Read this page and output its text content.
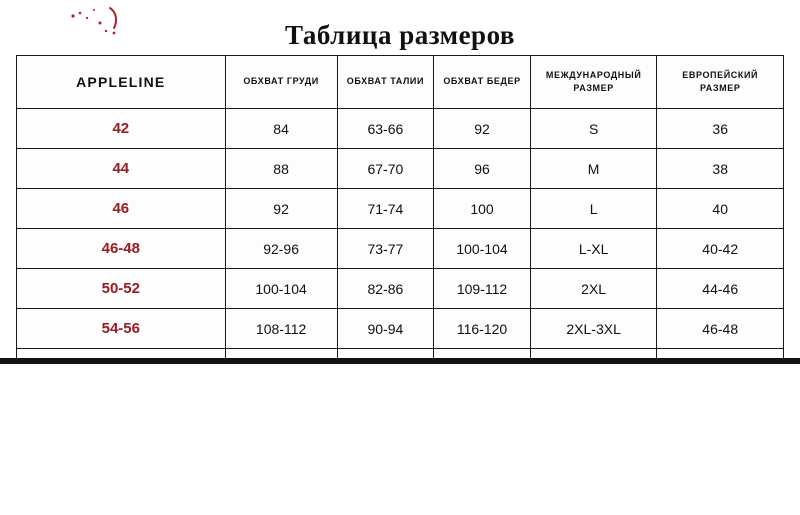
Таблица размеров
APPLELINE	ОБХВАТ ГРУДИ	ОБХВАТ ТАЛИИ	ОБХВАТ БЕДЕР	МЕЖДУНАРОДНЫЙ РАЗМЕР	ЕВРОПЕЙСКИЙ РАЗМЕР
42	84	63-66	92	S	36
44	88	67-70	96	M	38
46	92	71-74	100	L	40
46-48	92-96	73-77	100-104	L-XL	40-42
50-52	100-104	82-86	109-112	2XL	44-46
54-56	108-112	90-94	116-120	2XL-3XL	46-48
